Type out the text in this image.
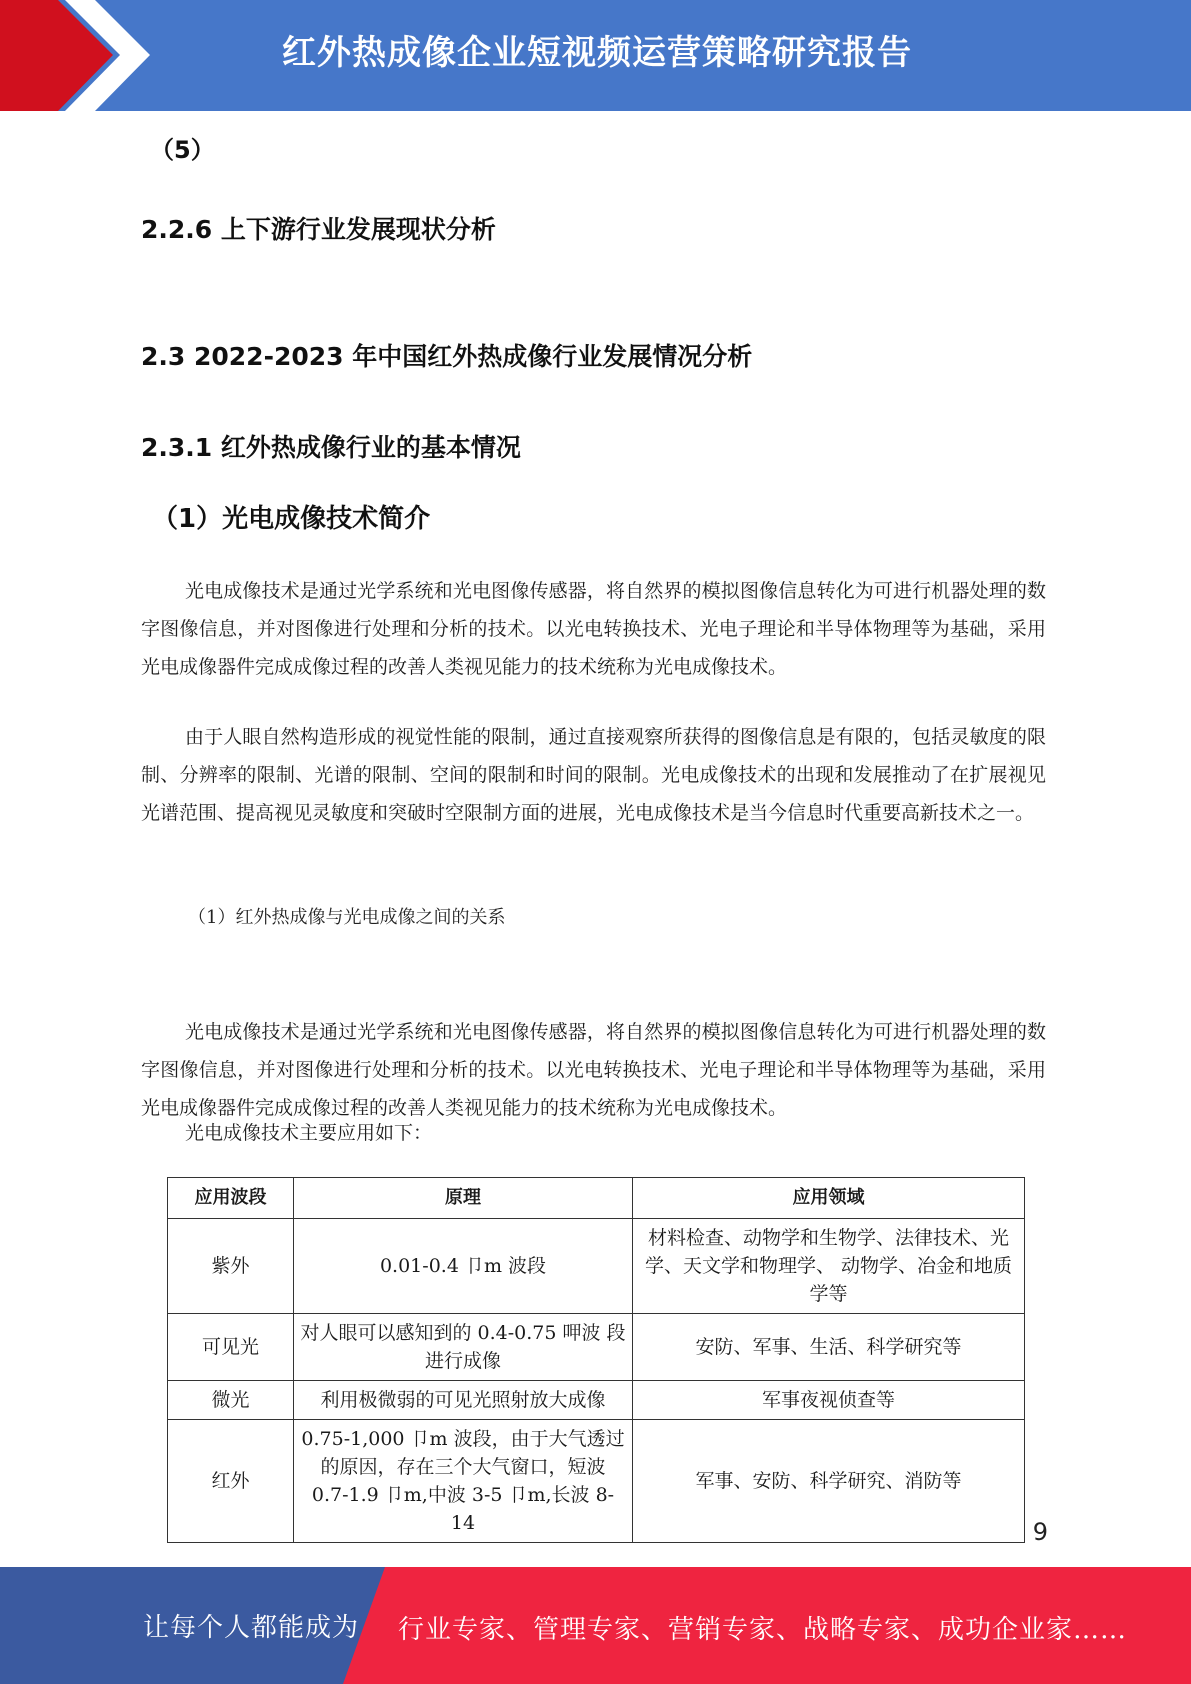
红外热成像企业短视频运营策略研究报告
（5）
2.2.6 上下游行业发展现状分析
2.3 2022-2023 年中国红外热成像行业发展情况分析
2.3.1 红外热成像行业的基本情况
（1）光电成像技术简介

光电成像技术是通过光学系统和光电图像传感器，将自然界的模拟图像信息转化为可进行机器处理的数字图像信息，并对图像进行处理和分析的技术。以光电转换技术、光电子理论和半导体物理等为基础，采用光电成像器件完成成像过程的改善人类视见能力的技术统称为光电成像技术。

由于人眼自然构造形成的视觉性能的限制，通过直接观察所获得的图像信息是有限的，包括灵敏度的限制、分辨率的限制、光谱的限制、空间的限制和时间的限制。光电成像技术的出现和发展推动了在扩展视见光谱范围、提高视见灵敏度和突破时空限制方面的进展，光电成像技术是当今信息时代重要高新技术之一。

（1）红外热成像与光电成像之间的关系

光电成像技术是通过光学系统和光电图像传感器，将自然界的模拟图像信息转化为可进行机器处理的数字图像信息，并对图像进行处理和分析的技术。以光电转换技术、光电子理论和半导体物理等为基础，采用光电成像器件完成成像过程的改善人类视见能力的技术统称为光电成像技术。

光电成像技术主要应用如下：
应用波段	原理	应用领域
紫外	0.01-0.4 卩m 波段	材料检查、动物学和生物学、法律技术、光学、天文学和物理学、 动物学、冶金和地质学等
可见光	对人眼可以感知到的 0.4-0.75 呷波 段进行成像	安防、军事、生活、科学研究等
微光	利用极微弱的可见光照射放大成像	军事夜视侦查等
红外	0.75-1,000 卩m 波段，由于大气透过的原因，存在三个大气窗口，短波 0.7-1.9 卩m,中波 3-5 卩m,长波 8-14	军事、安防、科学研究、消防等
9
让每个人都能成为 行业专家、管理专家、营销专家、战略专家、成功企业家……
